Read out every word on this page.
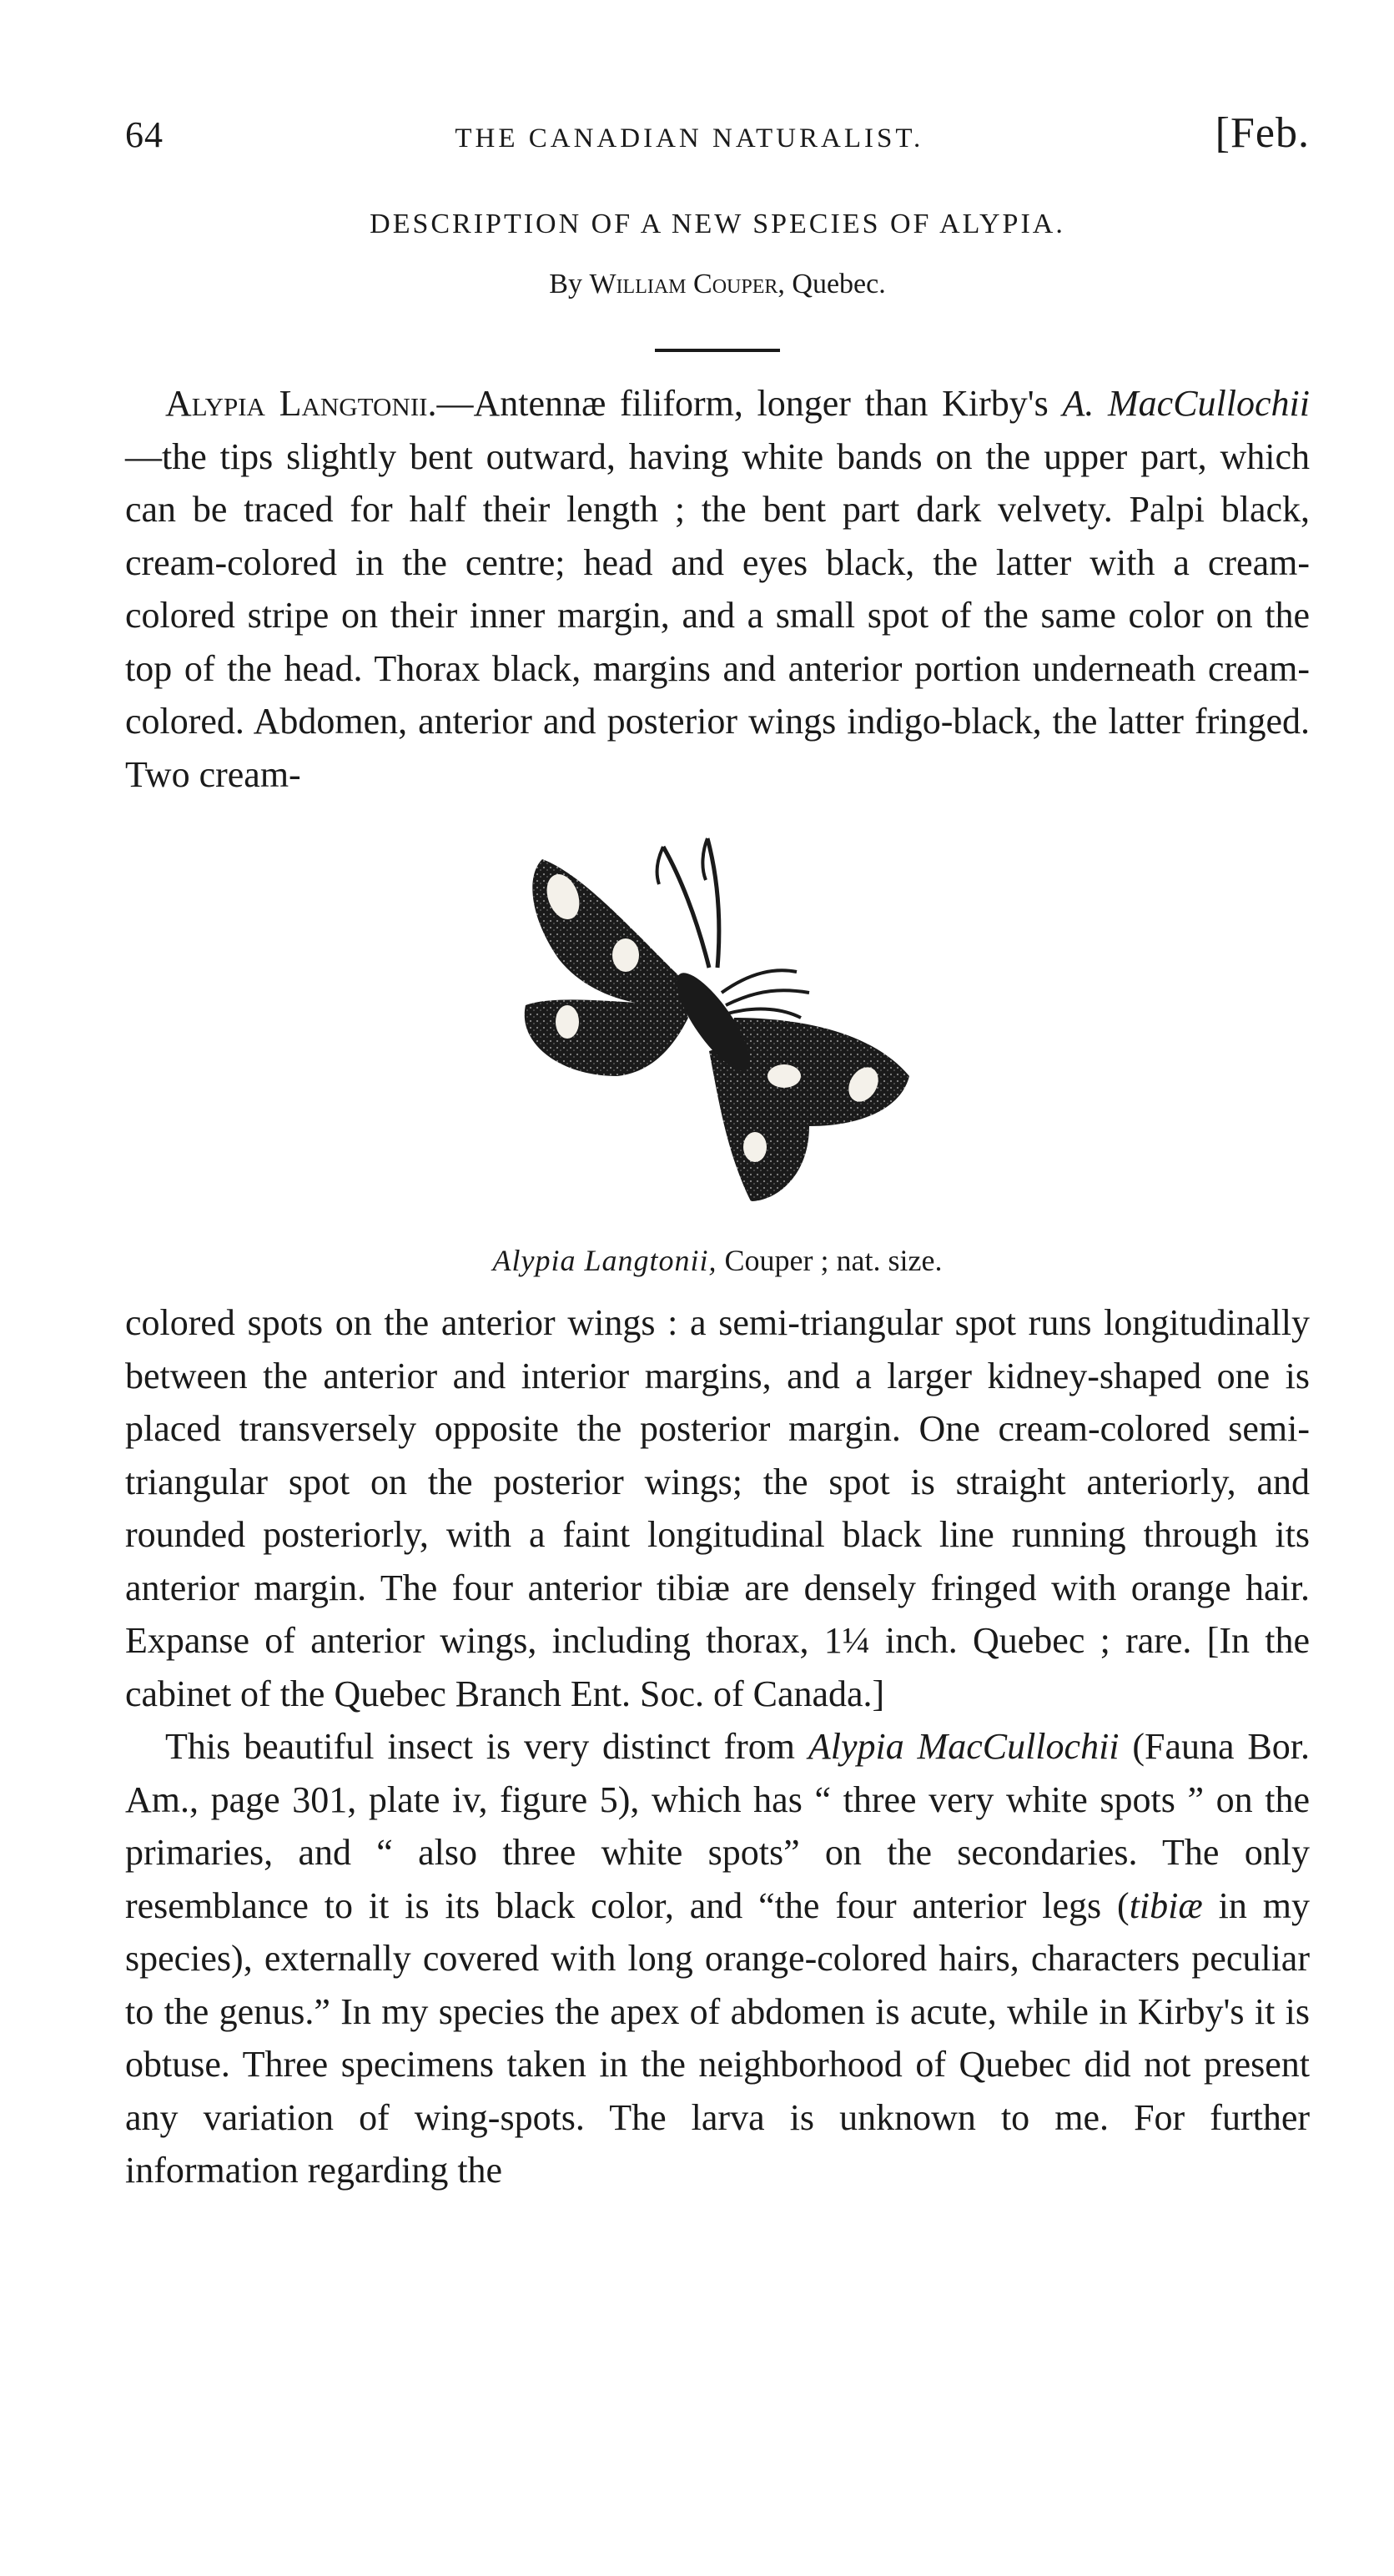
64	THE CANADIAN NATURALIST.	[Feb.
DESCRIPTION OF A NEW SPECIES OF ALYPIA.
By William Couper, Quebec.

Alypia Langtonii.—Antennæ filiform, longer than Kirby's A. MacCullochii—the tips slightly bent outward, having white bands on the upper part, which can be traced for half their length ; the bent part dark velvety. Palpi black, cream-colored in the centre; head and eyes black, the latter with a cream-colored stripe on their inner margin, and a small spot of the same color on the top of the head. Thorax black, margins and anterior portion underneath cream-colored. Abdomen, anterior and posterior wings indigo-black, the latter fringed. Two cream-

Alypia Langtonii, Couper ; nat. size.

colored spots on the anterior wings : a semi-triangular spot runs longitudinally between the anterior and interior margins, and a larger kidney-shaped one is placed transversely opposite the posterior margin. One cream-colored semi-triangular spot on the posterior wings; the spot is straight anteriorly, and rounded posteriorly, with a faint longitudinal black line running through its anterior margin. The four anterior tibiæ are densely fringed with orange hair. Expanse of anterior wings, including thorax, 1¼ inch. Quebec ; rare. [In the cabinet of the Quebec Branch Ent. Soc. of Canada.]

This beautiful insect is very distinct from Alypia MacCullochii (Fauna Bor. Am., page 301, plate iv, figure 5), which has “ three very white spots ” on the primaries, and “ also three white spots” on the secondaries. The only resemblance to it is its black color, and “the four anterior legs (tibiæ in my species), externally covered with long orange-colored hairs, characters peculiar to the genus.” In my species the apex of abdomen is acute, while in Kirby's it is obtuse. Three specimens taken in the neighborhood of Quebec did not present any variation of wing-spots. The larva is unknown to me. For further information regarding the
